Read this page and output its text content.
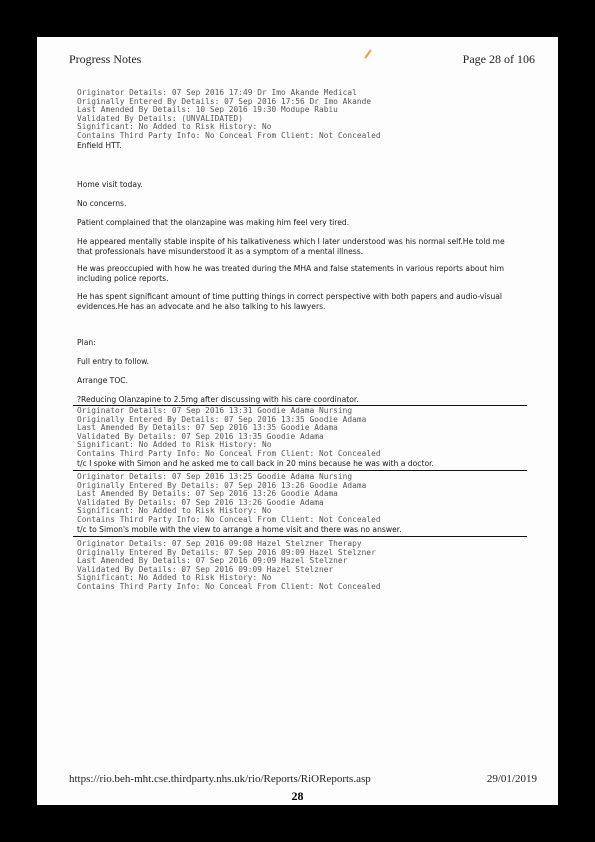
Progress Notes	Page 28 of 106
Originator Details: 07 Sep 2016 17:49 Dr Imo Akande Medical
Originally Entered By Details: 07 Sep 2016 17:56 Dr Imo Akande
Last Amended By Details: 10 Sep 2016 19:30 Modupe Rabiu
Validated By Details: (UNVALIDATED)
Significant: No Added to Risk History: No
Contains Third Party Info: No Conceal From Client: Not Concealed

Enfield HTT.

Home visit today.

No concerns.

Patient complained that the olanzapine was making him feel very tired.

He appeared mentally stable inspite of his talkativeness which I later understood was his normal self.He told me that professionals have misunderstood it as a symptom of a mental illness.

He was preoccupied with how he was treated during the MHA and false statements in various reports about him including police reports.

He has spent significant amount of time putting things in correct perspective with both papers and audio-visual evidences.He has an advocate and he also talking to his lawyers.

Plan:

Full entry to follow.

Arrange TOC.

?Reducing Olanzapine to 2.5mg after discussing with his care coordinator.

Originator Details: 07 Sep 2016 13:31 Goodie Adama Nursing
Originally Entered By Details: 07 Sep 2016 13:35 Goodie Adama
Last Amended By Details: 07 Sep 2016 13:35 Goodie Adama
Validated By Details: 07 Sep 2016 13:35 Goodie Adama
Significant: No Added to Risk History: No
Contains Third Party Info: No Conceal From Client: Not Concealed

t/c I spoke with Simon and he asked me to call back in 20 mins because he was with a doctor.

Originator Details: 07 Sep 2016 13:25 Goodie Adama Nursing
Originally Entered By Details: 07 Sep 2016 13:26 Goodie Adama
Last Amended By Details: 07 Sep 2016 13:26 Goodie Adama
Validated By Details: 07 Sep 2016 13:26 Goodie Adama
Significant: No Added to Risk History: No
Contains Third Party Info: No Conceal From Client: Not Concealed

t/c to Simon's mobile with the view to arrange a home visit and there was no answer.

Originator Details: 07 Sep 2016 09:08 Hazel Stelzner Therapy
Originally Entered By Details: 07 Sep 2016 09:09 Hazel Stelzner
Last Amended By Details: 07 Sep 2016 09:09 Hazel Stelzner
Validated By Details: 07 Sep 2016 09:09 Hazel Stelzner
Significant: No Added to Risk History: No
Contains Third Party Info: No Conceal From Client: Not Concealed
https://rio.beh-mht.cse.thirdparty.nhs.uk/rio/Reports/RiOReports.asp	29/01/2019
28
